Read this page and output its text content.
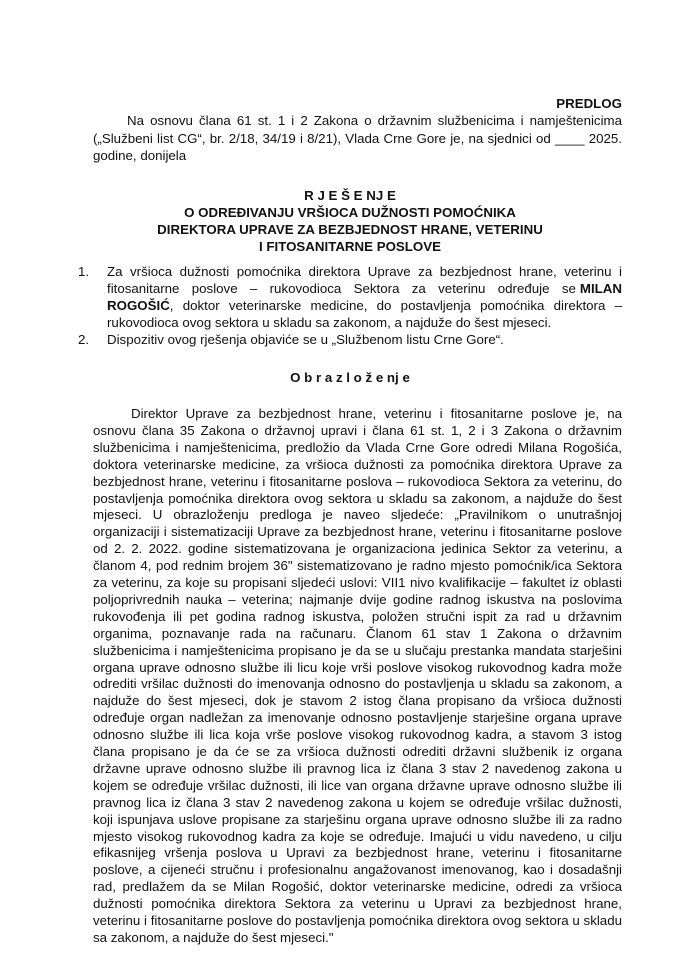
PREDLOG
Na osnovu člana 61 st. 1 i 2 Zakona o državnim službenicima i namještenicima
(„Službeni list CG“, br. 2/18, 34/19 i 8/21), Vlada Crne Gore je, na sjednici od ____ 2025.
godine, donijela
R J E Š E NJ E
O ODREĐIVANJU VRŠIOCA DUŽNOSTI POMOĆNIKA
DIREKTORA UPRAVE ZA BEZBJEDNOST HRANE, VETERINU
I FITOSANITARNE POSLOVE
1. Za vršioca dužnosti pomoćnika direktora Uprave za bezbjednost hrane, veterinu i
fitosanitarne poslove – rukovodioca Sektora za veterinu određuje se MILAN
ROGOŠIĆ , doktor veterinarske medicine, do postavljenja pomoćnika direktora –
rukovodioca ovog sektora u skladu sa zakonom, a najduže do šest mjeseci.
2. Dispozitiv ovog rješenja objaviće se u „Službenom listu Crne Gore“.
O b r a z l o ž e nj e
Direktor Uprave za bezbjednost hrane, veterinu i fitosanitarne poslove je, na
osnovu člana 35 Zakona o državnoj upravi i člana 61 st. 1, 2 i 3 Zakona o državnim
službenicima i namještenicima, predložio da Vlada Crne Gore odredi Milana Rogošića,
doktora veterinarske medicine, za vršioca dužnosti za pomoćnika direktora Uprave za
bezbjednost hrane, veterinu i fitosanitarne poslova – rukovodioca Sektora za veterinu, do
postavljenja pomoćnika direktora ovog sektora u skladu sa zakonom, a najduže do šest
mjeseci. U obrazloženju predloga je naveo sljedeće: „Pravilnikom o unutrašnjoj
organizaciji i sistematizaciji Uprave za bezbjednost hrane, veterinu i fitosanitarne poslove
od 2. 2. 2022. godine sistematizovana je organizaciona jedinica Sektor za veterinu, a
članom 4, pod rednim brojem 36" sistematizovano je radno mjesto pomoćnik/ica Sektora
za veterinu, za koje su propisani sljedeći uslovi: VII1 nivo kvalifikacije – fakultet iz oblasti
poljoprivrednih nauka – veterina; najmanje dvije godine radnog iskustva na poslovima
rukovođenja ili pet godina radnog iskustva, položen stručni ispit za rad u državnim
organima, poznavanje rada na računaru. Članom 61 stav 1 Zakona o državnim
službenicima i namještenicima propisano je da se u slučaju prestanka mandata starješini
organa uprave odnosno službe ili licu koje vrši poslove visokog rukovodnog kadra može
odrediti vršilac dužnosti do imenovanja odnosno do postavljenja u skladu sa zakonom, a
najduže do šest mjeseci, dok je stavom 2 istog člana propisano da vršioca dužnosti
određuje organ nadležan za imenovanje odnosno postavljenje starješine organa uprave
odnosno službe ili lica koja vrše poslove visokog rukovodnog kadra, a stavom 3 istog
člana propisano je da će se za vršioca dužnosti odrediti državni službenik iz organa
državne uprave odnosno službe ili pravnog lica iz člana 3 stav 2 navedenog zakona u
kojem se određuje vršilac dužnosti, ili lice van organa državne uprave odnosno službe ili
pravnog lica iz člana 3 stav 2 navedenog zakona u kojem se određuje vršilac dužnosti,
koji ispunjava uslove propisane za starješinu organa uprave odnosno službe ili za radno
mjesto visokog rukovodnog kadra za koje se određuje. Imajući u vidu navedeno, u cilju
efikasnijeg vršenja poslova u Upravi za bezbjednost hrane, veterinu i fitosanitarne
poslove, a cijeneći stručnu i profesionalnu angažovanost imenovanog, kao i dosadašnji
rad, predlažem da se Milan Rogošić, doktor veterinarske medicine, odredi za vršioca
dužnosti pomoćnika direktora Sektora za veterinu u Upravi za bezbjednost hrane,
veterinu i fitosanitarne poslove do postavljenja pomoćnika direktora ovog sektora u skladu
sa zakonom, a najduže do šest mjeseci."
